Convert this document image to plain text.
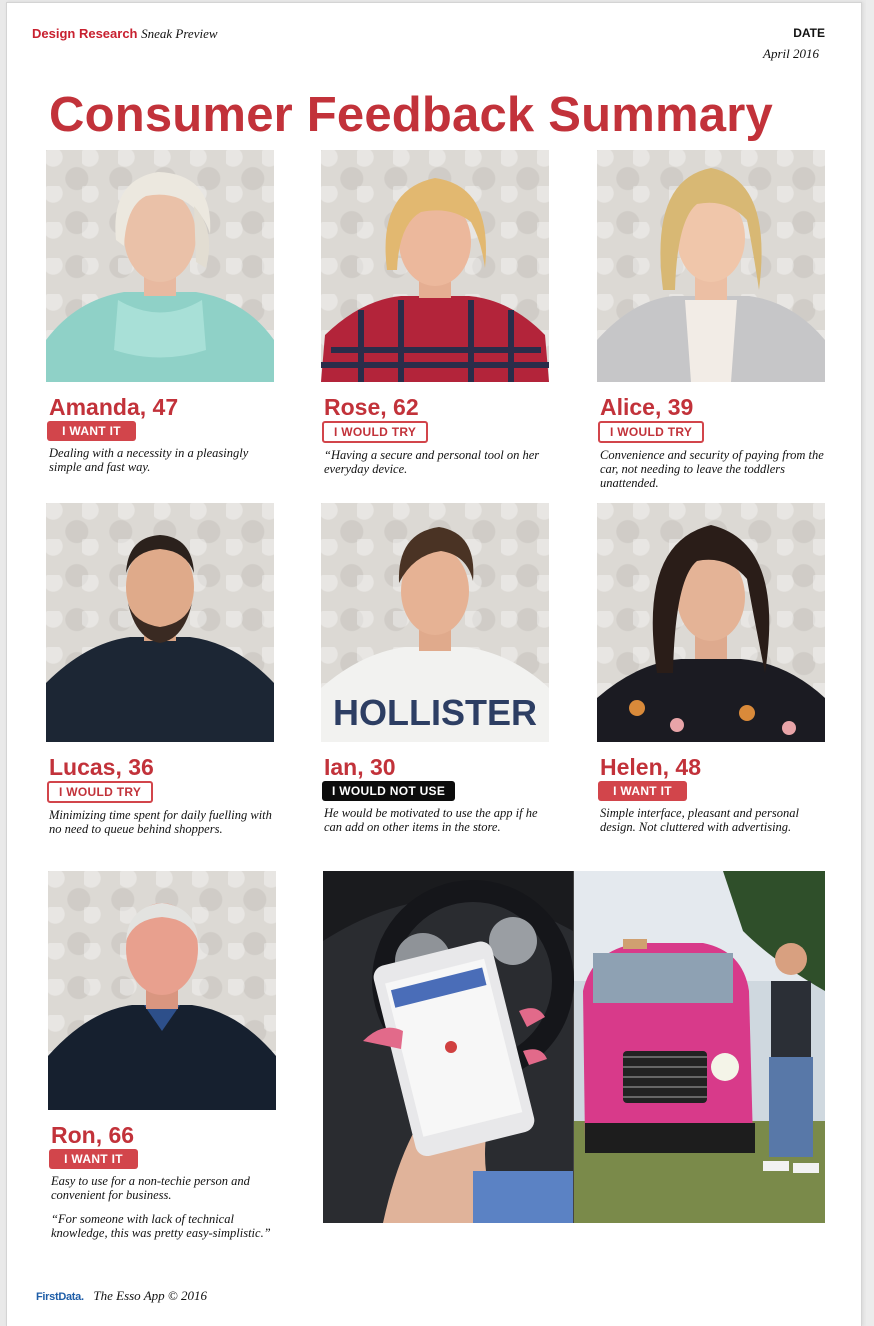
Design Research Sneak Preview	DATE
April 2016
Consumer Feedback Summary
Amanda, 47
I WANT IT

Dealing with a necessity in a pleasingly simple and fast way.

Rose, 62
I WOULD TRY

“Having a secure and personal tool on her everyday device.

Alice, 39
I WOULD TRY

Convenience and security of paying from the car, not needing to leave the toddlers unattended.

Lucas, 36
I WOULD TRY

Minimizing time spent for daily fuelling with no need to queue behind shoppers.

HOLLISTER
Ian, 30
I WOULD NOT USE

He would be motivated to use the app if he can add on other items in the store.

Helen, 48
I WANT IT

Simple interface, pleasant and personal design. Not cluttered with advertising.

Ron, 66
I WANT IT

Easy to use for a non-techie person and convenient for business.

“For someone with lack of technical knowledge, this was pretty easy-simplistic.”

FirstData. The Esso App © 2016
